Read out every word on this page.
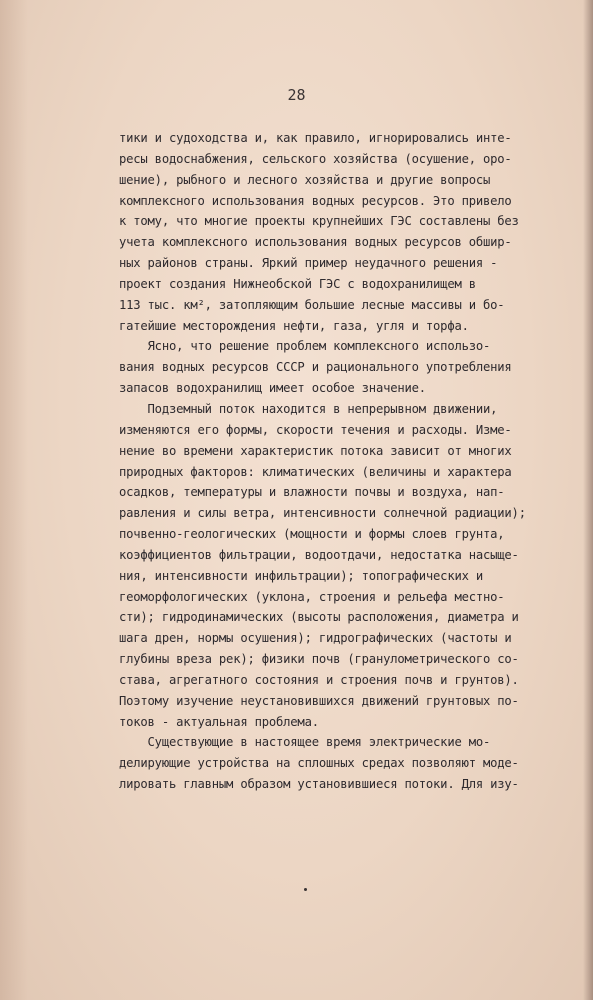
28
тики и судоходства и, как правило, игнорировались инте-
ресы водоснабжения, сельского хозяйства (осушение, оро-
шение), рыбного и лесного хозяйства и другие вопросы
комплексного использования водных ресурсов. Это привело
к тому, что многие проекты крупнейших ГЭС составлены без
учета комплексного использования водных ресурсов обшир-
ных районов страны. Яркий пример неудачного решения -
проект создания Нижнеобской ГЭС с водохранилищем в
113 тыс. км², затопляющим большие лесные массивы и бо-
гатейшие месторождения нефти, газа, угля и торфа.
Ясно, что решение проблем комплексного использо-
вания водных ресурсов СССР и рационального употребления
запасов водохранилищ имеет особое значение.
Подземный поток находится в непрерывном движении,
изменяются его формы, скорости течения и расходы. Изме-
нение во времени характеристик потока зависит от многих
природных факторов: климатических (величины и характера
осадков, температуры и влажности почвы и воздуха, нап-
равления и силы ветра, интенсивности солнечной радиации);
почвенно-геологических (мощности и формы слоев грунта,
коэффициентов фильтрации, водоотдачи, недостатка насыще-
ния, интенсивности инфильтрации); топографических и
геоморфологических (уклона, строения и рельефа местно-
сти); гидродинамических (высоты расположения, диаметра и
шага дрен, нормы осушения); гидрографических (частоты и
глубины вреза рек); физики почв (гранулометрического со-
става, агрегатного состояния и строения почв и грунтов).
Поэтому изучение неустановившихся движений грунтовых по-
токов - актуальная проблема.
Существующие в настоящее время электрические мо-
делирующие устройства на сплошных средах позволяют моде-
лировать главным образом установившиеся потоки. Для изу-
